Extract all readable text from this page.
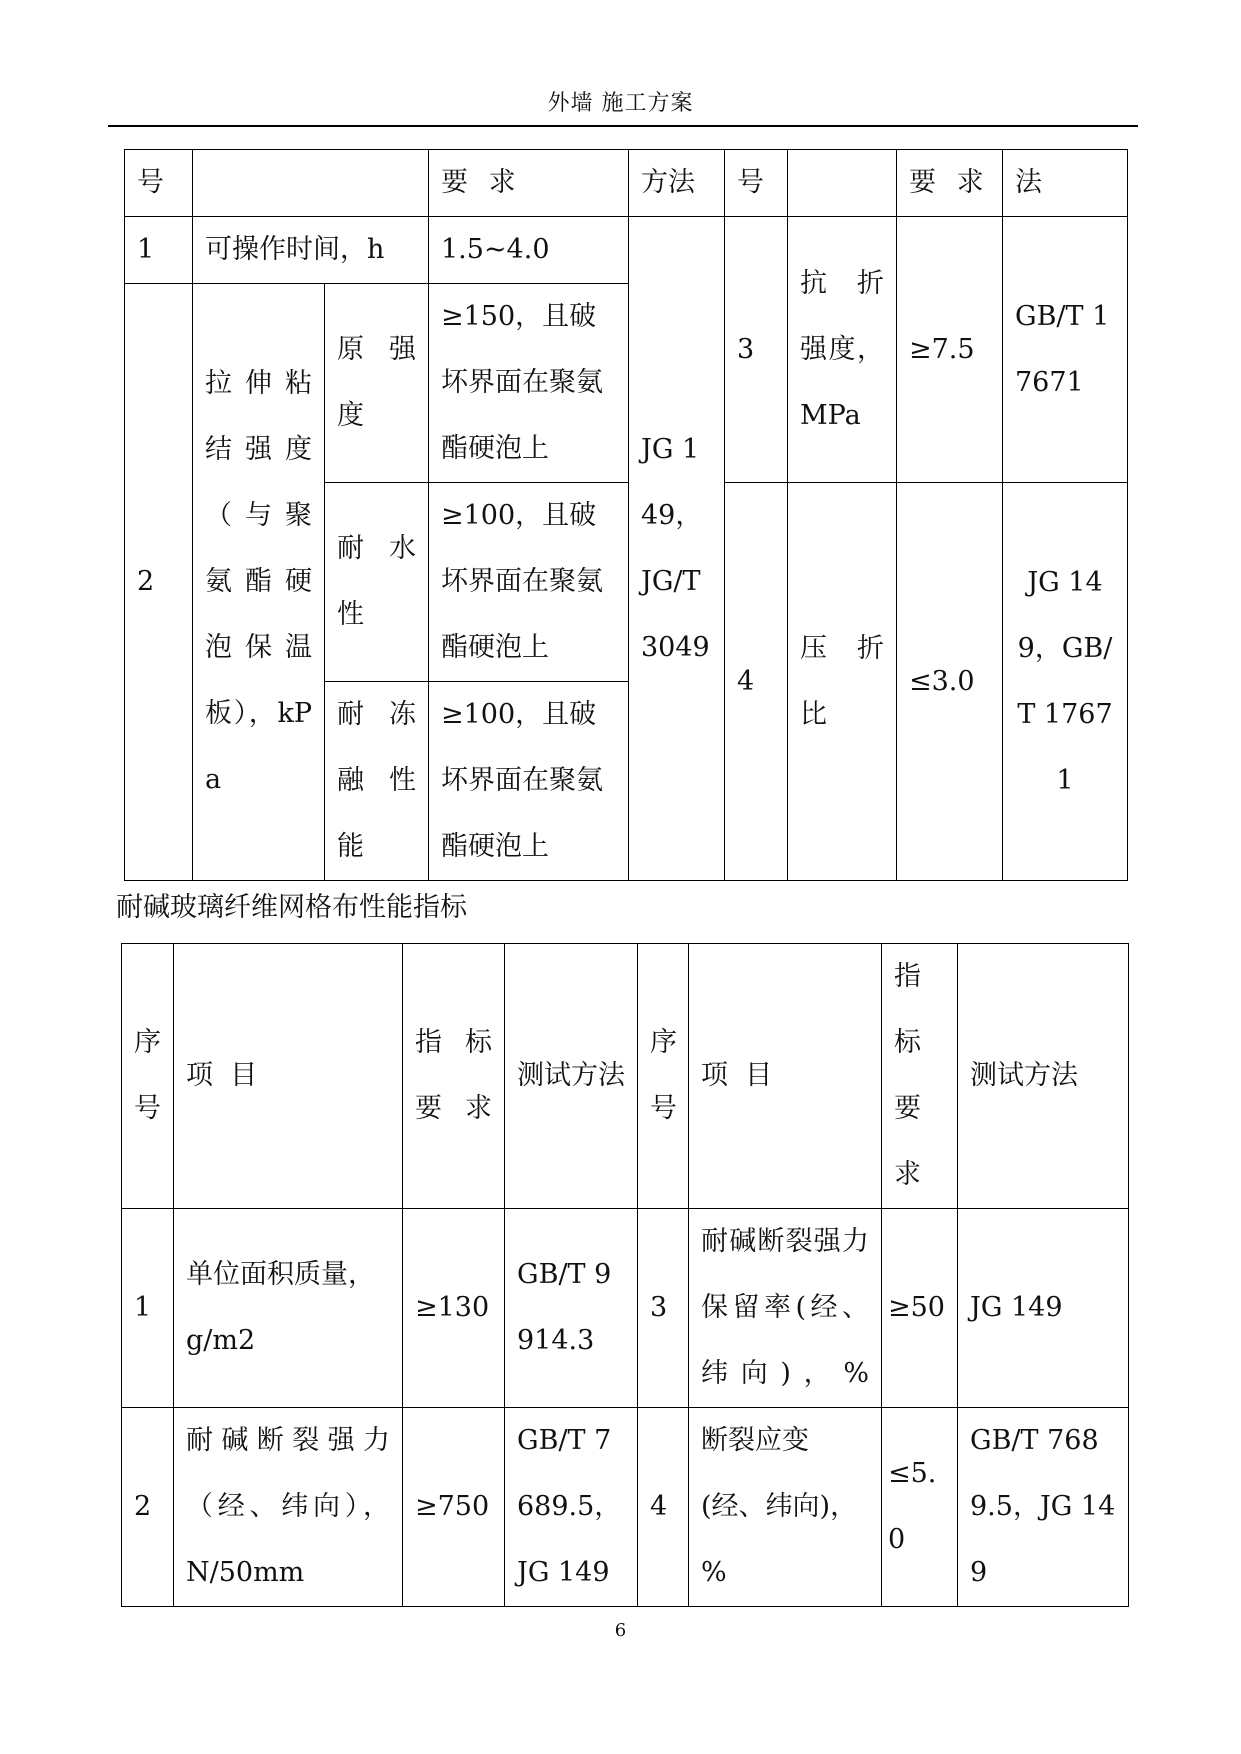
外墙 施工方案
号			要 求	方法	号		要 求	法
1	可操作时间，h		1.5~4.0	JG 149，JG/T 3049	3	抗 折 强度，MPa	≥7.5	GB/T 17671
2	拉伸粘结强度（与聚氨酯硬泡保温板），kPa	原强度	≥150，且破坏界面在聚氨酯硬泡上					
		耐水性	≥100，且破坏界面在聚氨酯硬泡上		4	压 折 比	≤3.0	JG 149，GB/T 17671
		耐冻融性能	≥100，且破坏界面在聚氨酯硬泡上					
耐碱玻璃纤维网格布性能指标
序号	项  目	指标要求	测试方法	序号	项  目	指标要求	测试方法
1	单位面积质量，g/m2	≥130	GB/T 9914.3	3	耐碱断裂强力保留率(经、纬向)，%	≥50	JG 149
2	耐碱断裂强力（经、纬向），N/50mm	≥750	GB/T 7689.5，JG 149	4	断裂应变(经、纬向)，%	≤5.0	GB/T 7689.5，JG 149
6
